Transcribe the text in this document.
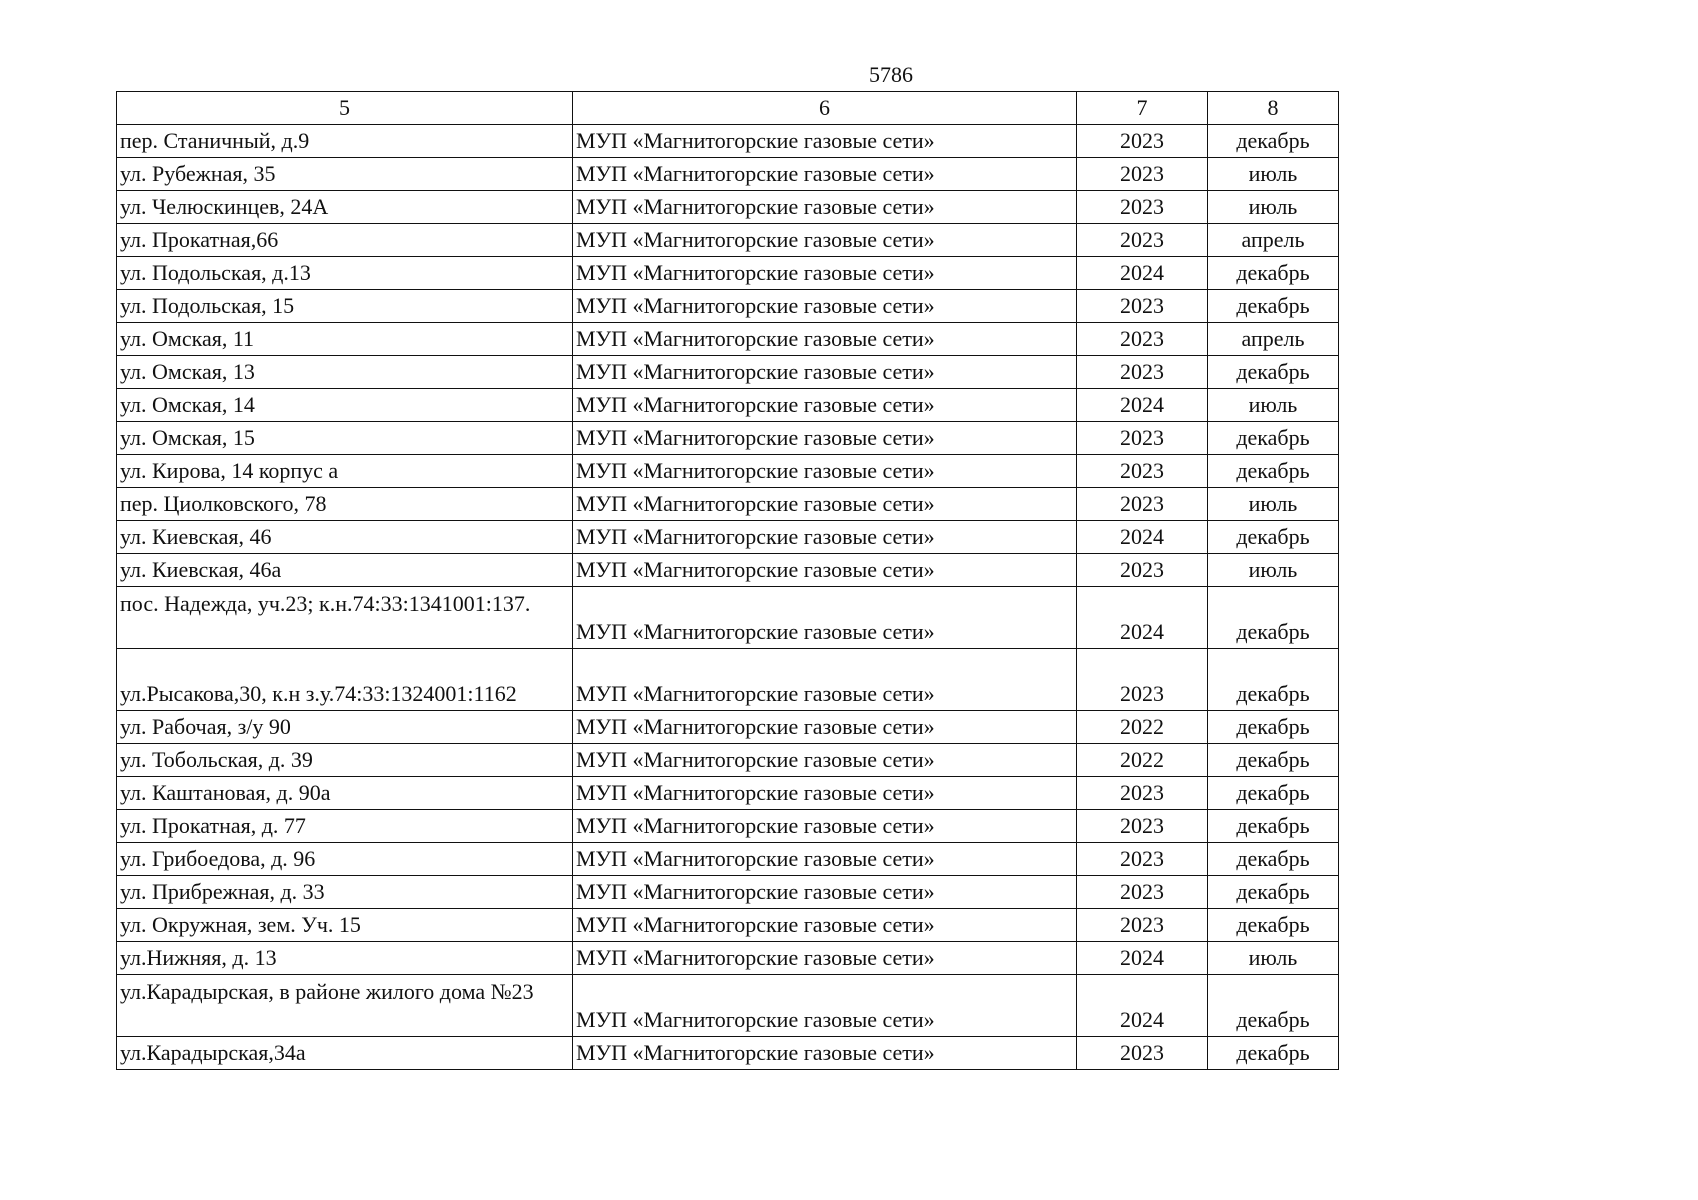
5786
5	6	7	8
пер. Станичный, д.9	МУП «Магнитогорские газовые сети»	2023	декабрь
ул. Рубежная, 35	МУП «Магнитогорские газовые сети»	2023	июль
ул. Челюскинцев, 24А	МУП «Магнитогорские газовые сети»	2023	июль
ул. Прокатная,66	МУП «Магнитогорские газовые сети»	2023	апрель
ул. Подольская, д.13	МУП «Магнитогорские газовые сети»	2024	декабрь
ул. Подольская, 15	МУП «Магнитогорские газовые сети»	2023	декабрь
ул. Омская, 11	МУП «Магнитогорские газовые сети»	2023	апрель
ул. Омская, 13	МУП «Магнитогорские газовые сети»	2023	декабрь
ул. Омская, 14	МУП «Магнитогорские газовые сети»	2024	июль
ул. Омская, 15	МУП «Магнитогорские газовые сети»	2023	декабрь
ул. Кирова, 14 корпус а	МУП «Магнитогорские газовые сети»	2023	декабрь
пер. Циолковского, 78	МУП «Магнитогорские газовые сети»	2023	июль
ул. Киевская, 46	МУП «Магнитогорские газовые сети»	2024	декабрь
ул. Киевская, 46а	МУП «Магнитогорские газовые сети»	2023	июль
пос. Надежда, уч.23; к.н.74:33:1341001:137.	МУП «Магнитогорские газовые сети»	2024	декабрь
ул.Рысакова,30, к.н з.у.74:33:1324001:1162	МУП «Магнитогорские газовые сети»	2023	декабрь
ул. Рабочая, з/у 90	МУП «Магнитогорские газовые сети»	2022	декабрь
ул. Тобольская, д. 39	МУП «Магнитогорские газовые сети»	2022	декабрь
ул. Каштановая, д. 90а	МУП «Магнитогорские газовые сети»	2023	декабрь
ул. Прокатная, д. 77	МУП «Магнитогорские газовые сети»	2023	декабрь
ул. Грибоедова, д. 96	МУП «Магнитогорские газовые сети»	2023	декабрь
ул. Прибрежная, д. 33	МУП «Магнитогорские газовые сети»	2023	декабрь
ул. Окружная, зем. Уч. 15	МУП «Магнитогорские газовые сети»	2023	декабрь
ул.Нижняя, д. 13	МУП «Магнитогорские газовые сети»	2024	июль
ул.Карадырская, в районе жилого дома №23	МУП «Магнитогорские газовые сети»	2024	декабрь
ул.Карадырская,34а	МУП «Магнитогорские газовые сети»	2023	декабрь
